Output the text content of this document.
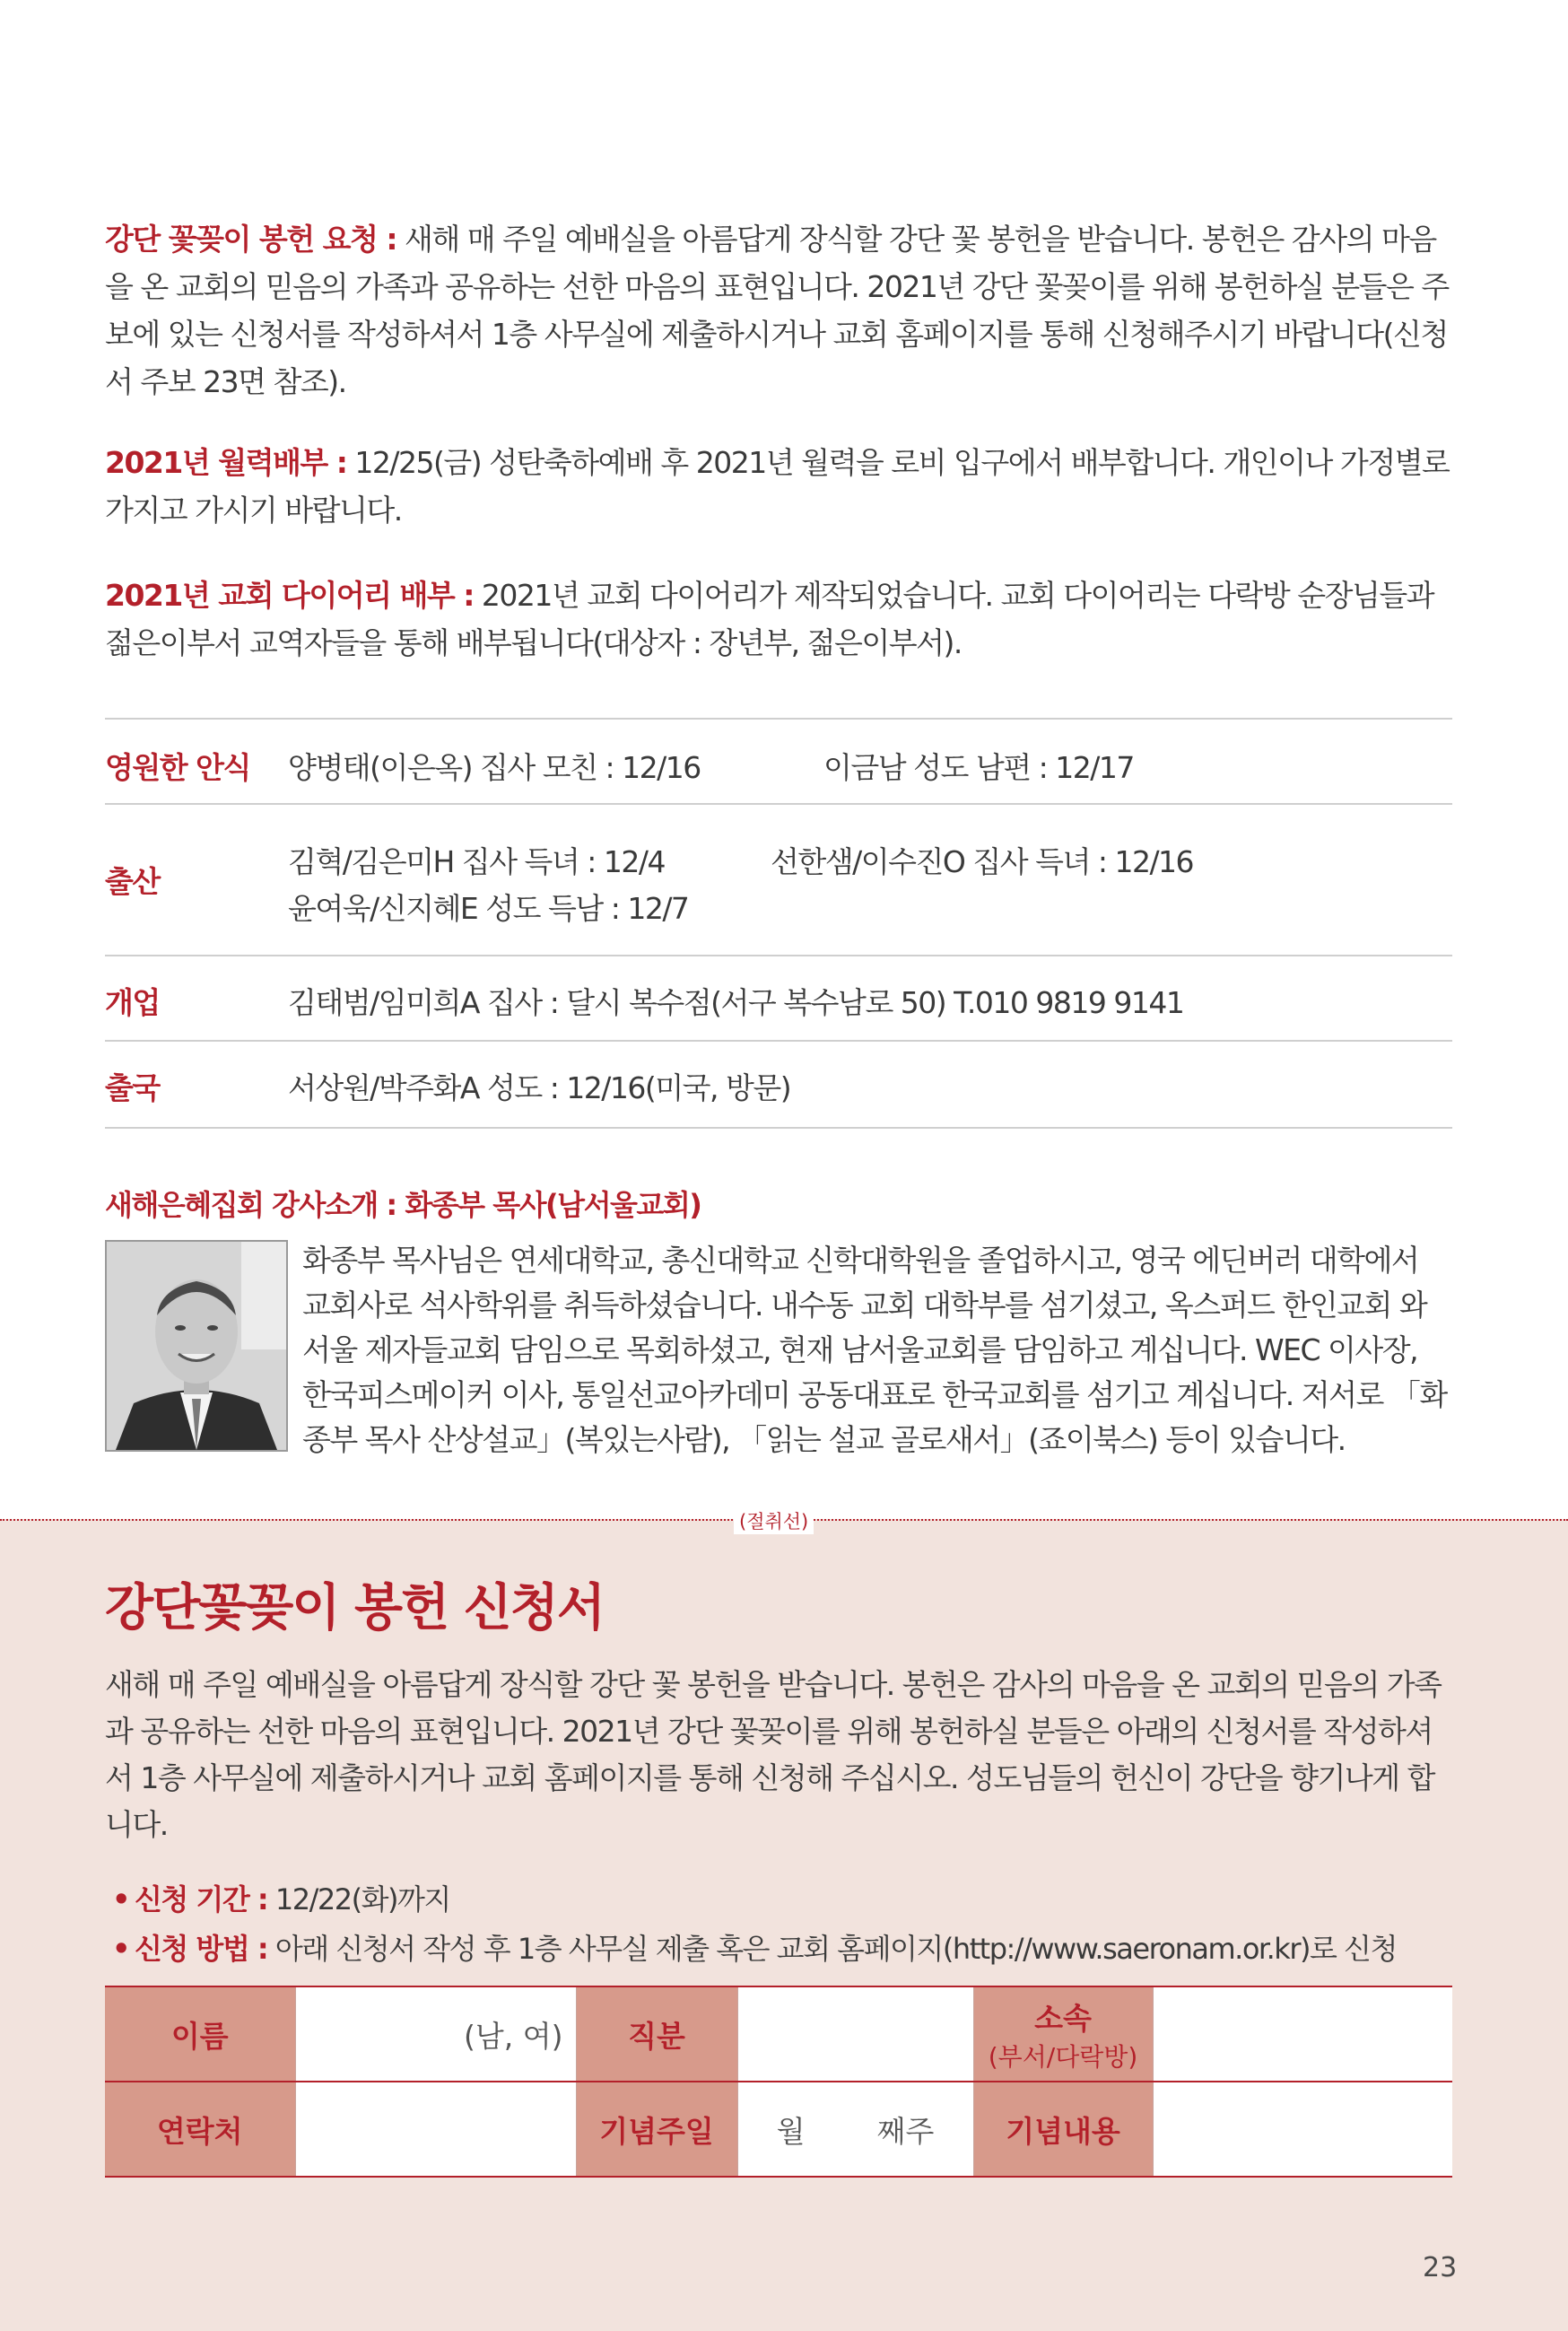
강단 꽃꽂이 봉헌 요청 : 새해 매 주일 예배실을 아름답게 장식할 강단 꽃 봉헌을 받습니다. 봉헌은 감사의 마음을 온 교회의 믿음의 가족과 공유하는 선한 마음의 표현입니다. 2021년 강단 꽃꽂이를 위해 봉헌하실 분들은 주보에 있는 신청서를 작성하셔서 1층 사무실에 제출하시거나 교회 홈페이지를 통해 신청해주시기 바랍니다(신청서 주보 23면 참조).

2021년 월력배부 : 12/25(금) 성탄축하예배 후 2021년 월력을 로비 입구에서 배부합니다. 개인이나 가정별로 가지고 가시기 바랍니다.

2021년 교회 다이어리 배부 : 2021년 교회 다이어리가 제작되었습니다. 교회 다이어리는 다락방 순장님들과 젊은이부서 교역자들을 통해 배부됩니다(대상자 : 장년부, 젊은이부서).

영원한 안식 양병태(이은옥) 집사 모친 : 12/16	이금남 성도 남편 : 12/17
출산
김혁/김은미H 집사 득녀 : 12/4	선한샘/이수진O 집사 득녀 : 12/16
윤여욱/신지혜E 성도 득남 : 12/7
개업	김태범/임미희A 집사 : 달시 복수점(서구 복수남로 50) T.010 9819 9141
출국	서상원/박주화A 성도 : 12/16(미국, 방문)
새해은혜집회 강사소개 : 화종부 목사(남서울교회)
화종부 목사님은 연세대학교, 총신대학교 신학대학원을 졸업하시고, 영국 에딘버러 대학에서 교회사로 석사학위를 취득하셨습니다. 내수동 교회 대학부를 섬기셨고, 옥스퍼드 한인교회 와 서울 제자들교회 담임으로 목회하셨고, 현재 남서울교회를 담임하고 계십니다. WEC 이사장, 한국피스메이커 이사, 통일선교아카데미 공동대표로 한국교회를 섬기고 계십니다. 저서로 「화종부 목사 산상설교」(복있는사람), 「읽는 설교 골로새서」(죠이북스) 등이 있습니다.
(절취선)
강단꽃꽂이 봉헌 신청서

새해 매 주일 예배실을 아름답게 장식할 강단 꽃 봉헌을 받습니다. 봉헌은 감사의 마음을 온 교회의 믿음의 가족과 공유하는 선한 마음의 표현입니다. 2021년 강단 꽃꽂이를 위해 봉헌하실 분들은 아래의 신청서를 작성하셔서 1층 사무실에 제출하시거나 교회 홈페이지를 통해 신청해 주십시오. 성도님들의 헌신이 강단을 향기나게 합니다.

• 신청 기간 : 12/22(화)까지
• 신청 방법 : 아래 신청서 작성 후 1층 사무실 제출 혹은 교회 홈페이지(http://www.saeronam.or.kr)로 신청
이름	(남, 여)	직분		소속
(부서/다락방)	

연락처		기념주일	월 째주	기념내용	
23
